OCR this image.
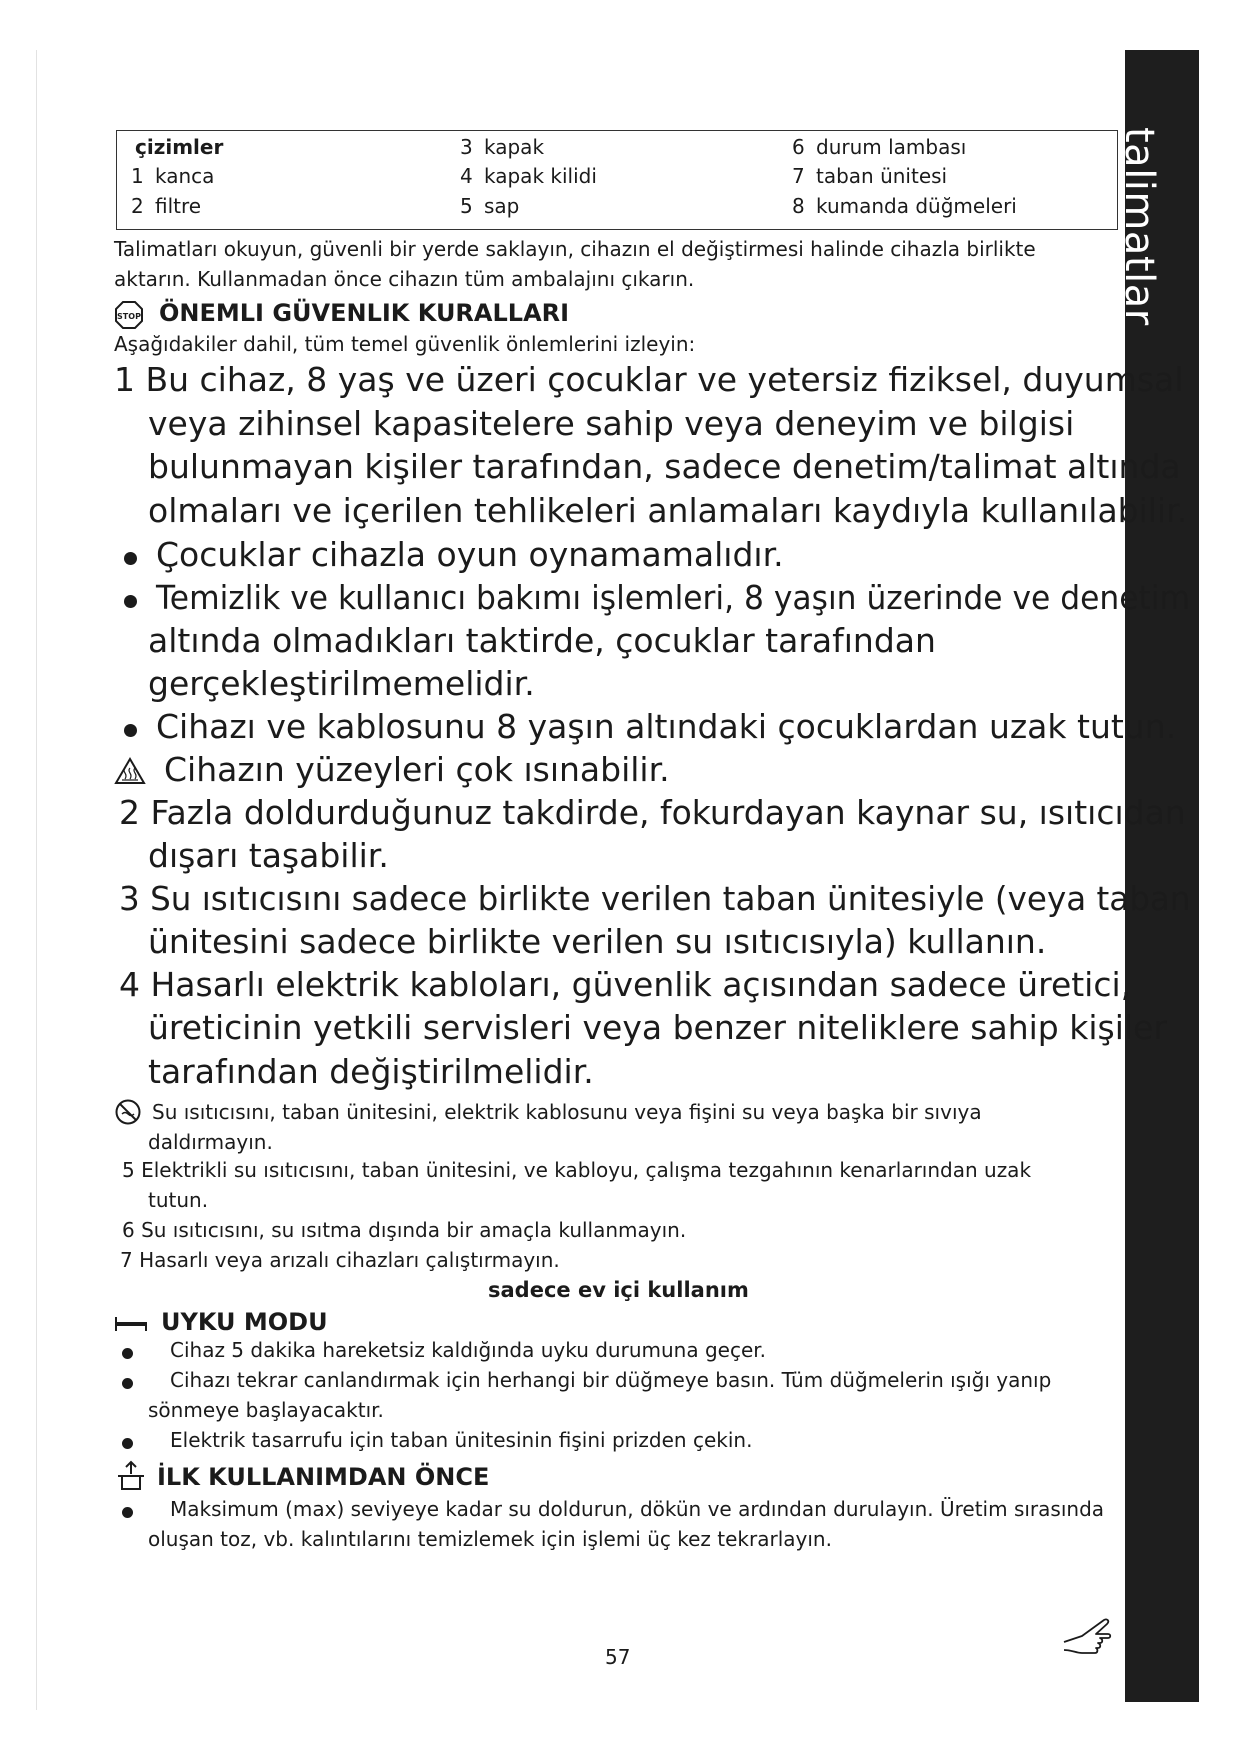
talimatlar
çizimler
1 kanca
2 filtre
3 kapak
4 kapak kilidi
5 sap
6 durum lambası
7 taban ünitesi
8 kumanda düğmeleri
Talimatları okuyun, güvenli bir yerde saklayın, cihazın el değiştirmesi halinde cihazla birlikte
aktarın. Kullanmadan önce cihazın tüm ambalajını çıkarın.
STOP ÖNEMLI GÜVENLIK KURALLARI
Aşağıdakiler dahil, tüm temel güvenlik önlemlerini izleyin:
1 Bu cihaz, 8 yaş ve üzeri çocuklar ve yetersiz fiziksel, duyumsal
veya zihinsel kapasitelere sahip veya deneyim ve bilgisi
bulunmayan kişiler tarafından, sadece denetim/talimat altında
olmaları ve içerilen tehlikeleri anlamaları kaydıyla kullanılabilir.
Çocuklar cihazla oyun oynamamalıdır.
Temizlik ve kullanıcı bakımı işlemleri, 8 yaşın üzerinde ve denetim
altında olmadıkları taktirde, çocuklar tarafından
gerçekleştirilmemelidir.
Cihazı ve kablosunu 8 yaşın altındaki çocuklardan uzak tutun.
Cihazın yüzeyleri çok ısınabilir.
2 Fazla doldurduğunuz takdirde, fokurdayan kaynar su, ısıtıcıdan
dışarı taşabilir.
3 Su ısıtıcısını sadece birlikte verilen taban ünitesiyle (veya taban
ünitesini sadece birlikte verilen su ısıtıcısıyla) kullanın.
4 Hasarlı elektrik kabloları, güvenlik açısından sadece üretici,
üreticinin yetkili servisleri veya benzer niteliklere sahip kişiler
tarafından değiştirilmelidir.
Su ısıtıcısını, taban ünitesini, elektrik kablosunu veya fişini su veya başka bir sıvıya
daldırmayın.
5 Elektrikli su ısıtıcısını, taban ünitesini, ve kabloyu, çalışma tezgahının kenarlarından uzak
tutun.
6 Su ısıtıcısını, su ısıtma dışında bir amaçla kullanmayın.
7 Hasarlı veya arızalı cihazları çalıştırmayın.
sadece ev içi kullanım
UYKU MODU
Cihaz 5 dakika hareketsiz kaldığında uyku durumuna geçer.
Cihazı tekrar canlandırmak için herhangi bir düğmeye basın. Tüm düğmelerin ışığı yanıp
sönmeye başlayacaktır.
Elektrik tasarrufu için taban ünitesinin fişini prizden çekin.
İLK KULLANIMDAN ÖNCE
Maksimum (max) seviyeye kadar su doldurun, dökün ve ardından durulayın. Üretim sırasında
oluşan toz, vb. kalıntılarını temizlemek için işlemi üç kez tekrarlayın.
57
